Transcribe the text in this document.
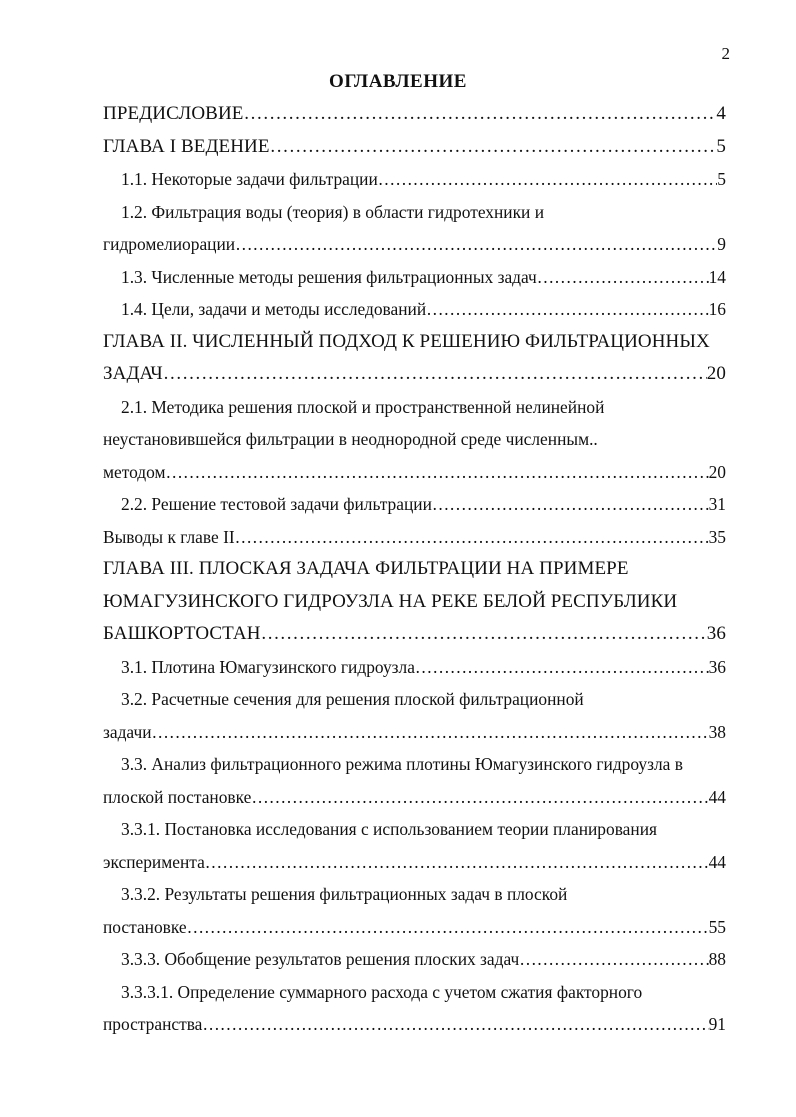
2
ОГЛАВЛЕНИЕ
ПРЕДИСЛОВИЕ …………………………………………………………………………………………………………………………………………………………………………	4
ГЛАВА I ВЕДЕНИЕ …………………………………………………………………………………………………………………………………………………………………………	5
1.1. Некоторые задачи фильтрации …………………………………………………………………………………………………………………………………………………………………………	5
1.2. Фильтрация воды (теория) в области гидротехники и
гидромелиорации …………………………………………………………………………………………………………………………………………………………………………	9
1.3. Численные методы решения фильтрационных задач …………………………………………………………………………………………………………………………………………………………………………	14
1.4. Цели, задачи и методы исследований …………………………………………………………………………………………………………………………………………………………………………	16
ГЛАВА II. ЧИСЛЕННЫЙ ПОДХОД К РЕШЕНИЮ ФИЛЬТРАЦИОННЫХ
ЗАДАЧ …………………………………………………………………………………………………………………………………………………………………………	20
2.1. Методика решения плоской и пространственной нелинейной
неустановившейся фильтрации в неоднородной среде численным..
методом …………………………………………………………………………………………………………………………………………………………………………	20
2.2. Решение тестовой задачи фильтрации …………………………………………………………………………………………………………………………………………………………………………	31
Выводы к главе II …………………………………………………………………………………………………………………………………………………………………………	35
ГЛАВА III. ПЛОСКАЯ ЗАДАЧА ФИЛЬТРАЦИИ НА ПРИМЕРЕ
ЮМАГУЗИНСКОГО ГИДРОУЗЛА НА РЕКЕ БЕЛОЙ РЕСПУБЛИКИ
БАШКОРТОСТАН …………………………………………………………………………………………………………………………………………………………………………	36
3.1. Плотина Юмагузинского гидроузла …………………………………………………………………………………………………………………………………………………………………………	36
3.2. Расчетные сечения для решения плоской фильтрационной
задачи …………………………………………………………………………………………………………………………………………………………………………	38
3.3. Анализ фильтрационного режима плотины Юмагузинского гидроузла в
плоской постановке …………………………………………………………………………………………………………………………………………………………………………	44
3.3.1. Постановка исследования с использованием теории планирования
эксперимента …………………………………………………………………………………………………………………………………………………………………………	44
3.3.2. Результаты решения фильтрационных задач в плоской
постановке …………………………………………………………………………………………………………………………………………………………………………	55
3.3.3. Обобщение результатов решения плоских задач …………………………………………………………………………………………………………………………………………………………………………	88
3.3.3.1. Определение суммарного расхода с учетом сжатия факторного
пространства …………………………………………………………………………………………………………………………………………………………………………	91
